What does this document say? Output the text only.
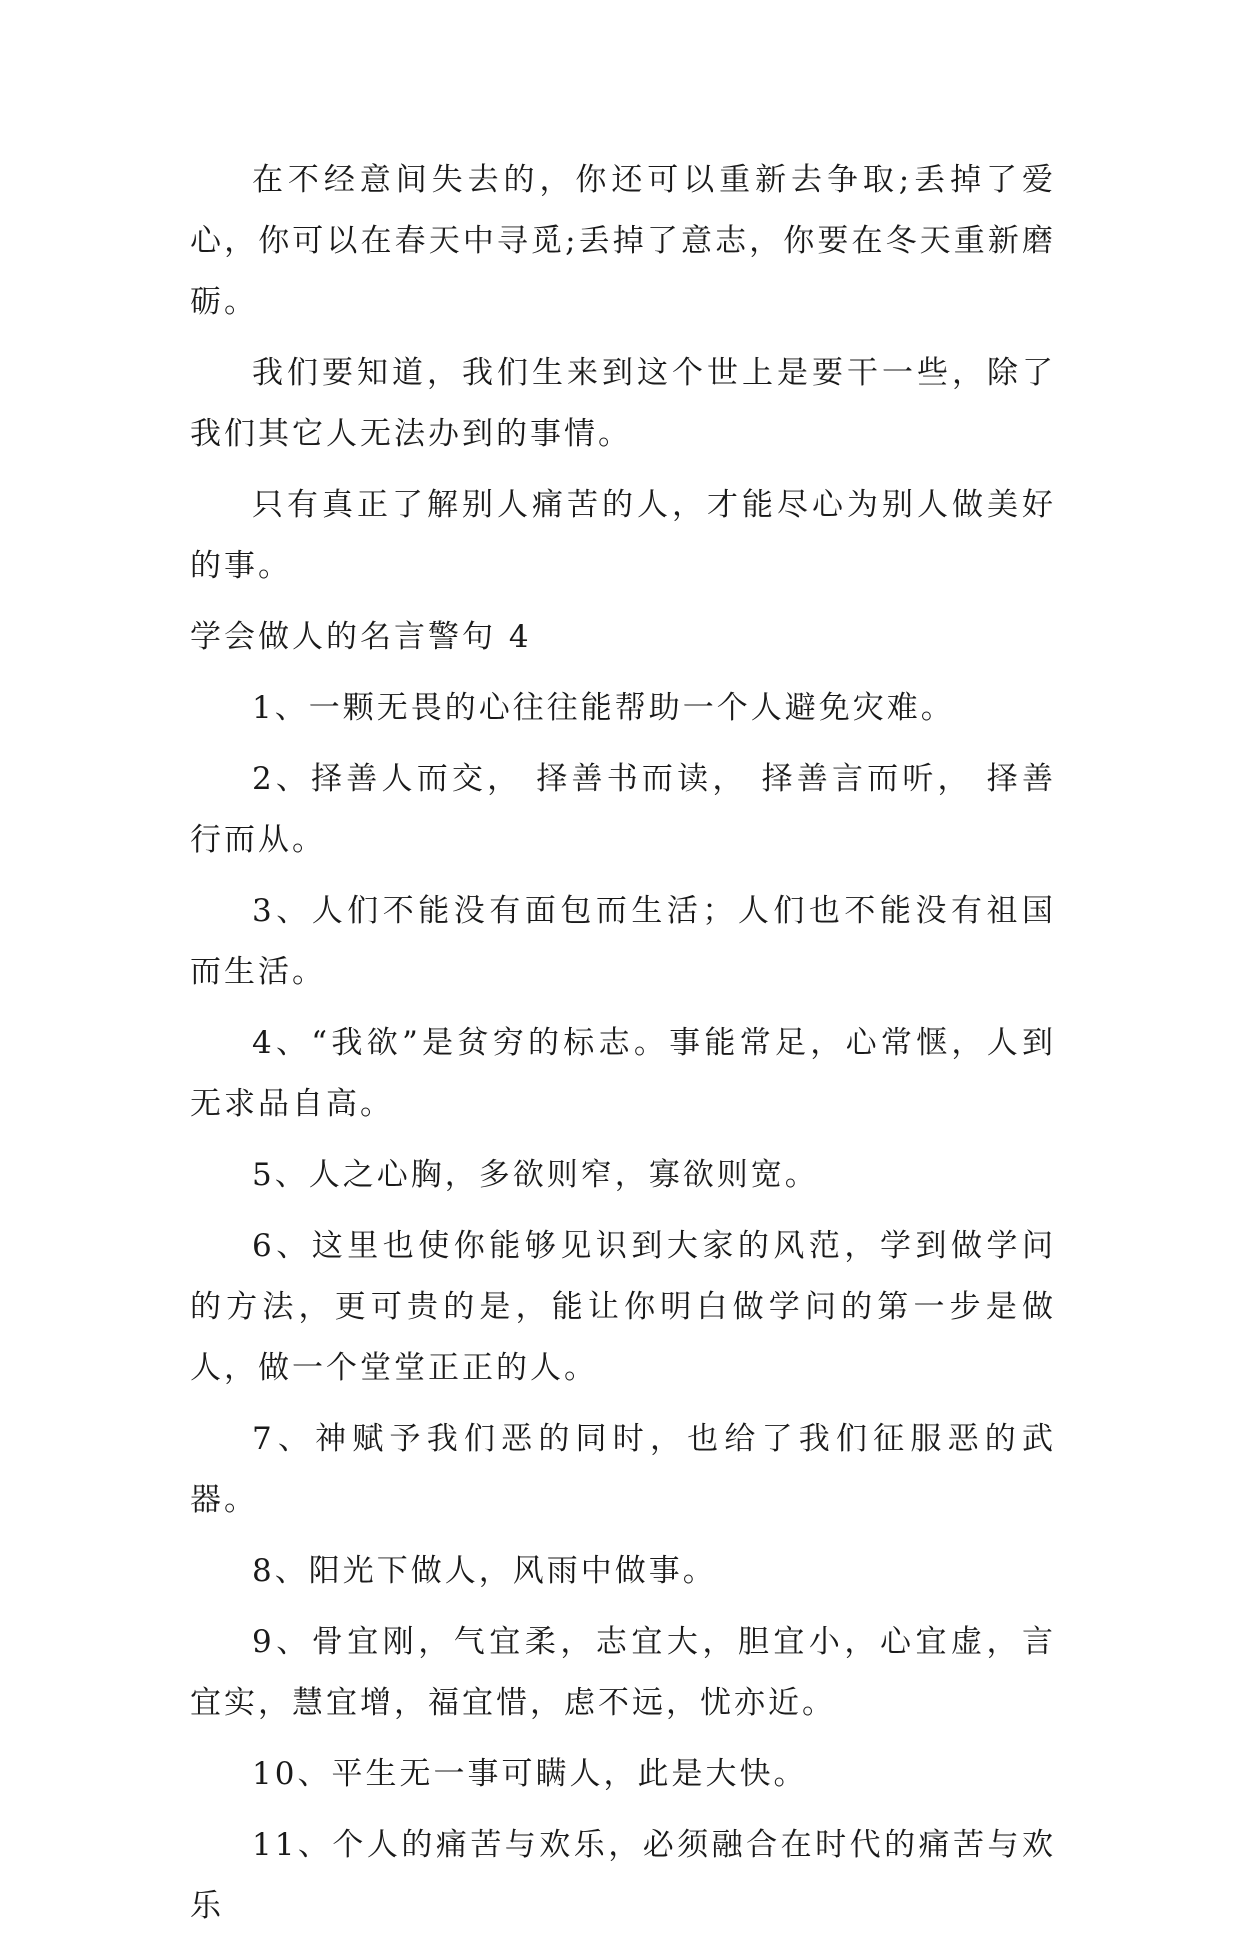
在不经意间失去的，你还可以重新去争取;丢掉了爱心，你可以在春天中寻觅;丢掉了意志，你要在冬天重新磨砺。

我们要知道，我们生来到这个世上是要干一些，除了我们其它人无法办到的事情。

只有真正了解别人痛苦的人，才能尽心为别人做美好的事。

学会做人的名言警句 4

1、一颗无畏的心往往能帮助一个人避免灾难。

2、择善人而交， 择善书而读， 择善言而听， 择善行而从。

3、人们不能没有面包而生活；人们也不能没有祖国而生活。

4、“我欲”是贫穷的标志。事能常足，心常惬，人到无求品自高。

5、人之心胸，多欲则窄，寡欲则宽。

6、这里也使你能够见识到大家的风范，学到做学问的方法，更可贵的是，能让你明白做学问的第一步是做人，做一个堂堂正正的人。

7、神赋予我们恶的同时，也给了我们征服恶的武器。

8、阳光下做人，风雨中做事。

9、骨宜刚，气宜柔，志宜大，胆宜小，心宜虚，言宜实，慧宜增，福宜惜，虑不远，忧亦近。

10、平生无一事可瞒人，此是大快。

11、个人的痛苦与欢乐，必须融合在时代的痛苦与欢乐
